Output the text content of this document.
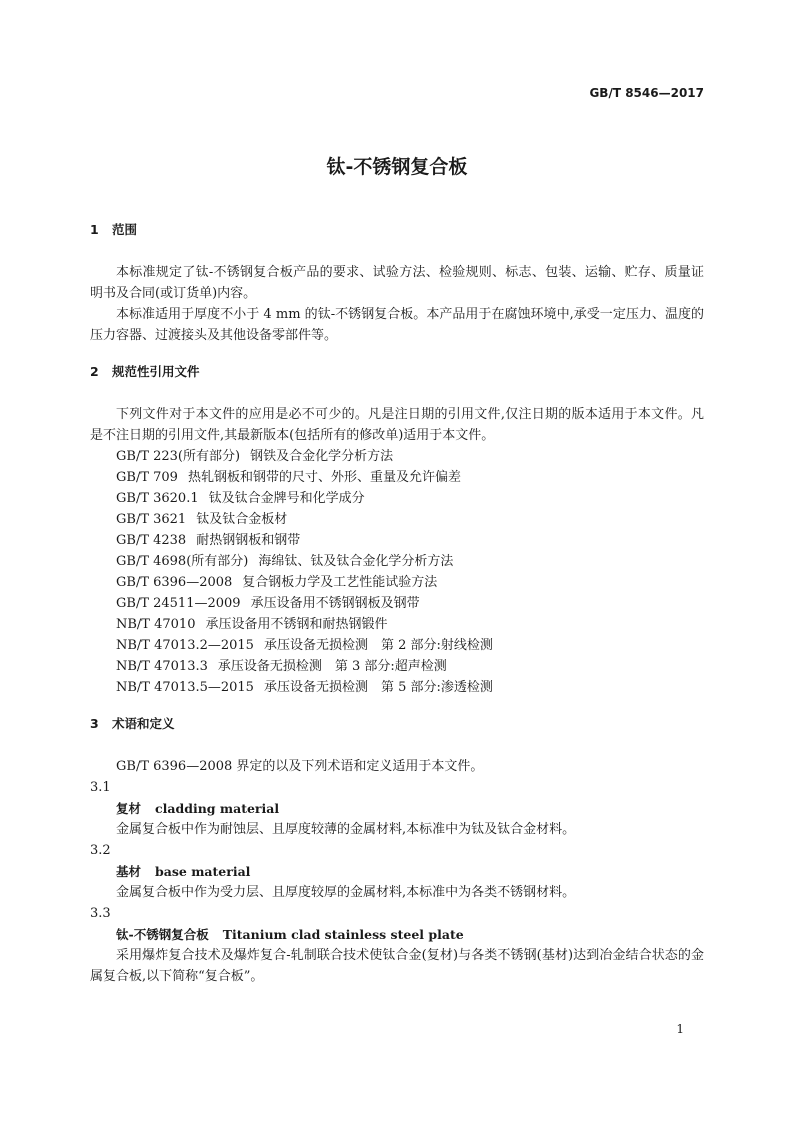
GB/T 8546—2017
钛-不锈钢复合板
1 范围

本标准规定了钛-不锈钢复合板产品的要求、试验方法、检验规则、标志、包装、运输、贮存、质量证明书及合同(或订货单)内容。

本标准适用于厚度不小于 4 mm 的钛-不锈钢复合板。本产品用于在腐蚀环境中,承受一定压力、温度的压力容器、过渡接头及其他设备零部件等。

2 规范性引用文件

下列文件对于本文件的应用是必不可少的。凡是注日期的引用文件,仅注日期的版本适用于本文件。凡是不注日期的引用文件,其最新版本(包括所有的修改单)适用于本文件。

GB/T 223(所有部分) 钢铁及合金化学分析方法
GB/T 709 热轧钢板和钢带的尺寸、外形、重量及允许偏差
GB/T 3620.1 钛及钛合金牌号和化学成分
GB/T 3621 钛及钛合金板材
GB/T 4238 耐热钢钢板和钢带
GB/T 4698(所有部分) 海绵钛、钛及钛合金化学分析方法
GB/T 6396—2008 复合钢板力学及工艺性能试验方法
GB/T 24511—2009 承压设备用不锈钢钢板及钢带
NB/T 47010 承压设备用不锈钢和耐热钢锻件
NB/T 47013.2—2015 承压设备无损检测　第 2 部分:射线检测
NB/T 47013.3 承压设备无损检测　第 3 部分:超声检测
NB/T 47013.5—2015 承压设备无损检测　第 5 部分:渗透检测
3 术语和定义

GB/T 6396—2008 界定的以及下列术语和定义适用于本文件。

3.1
复材 cladding material

金属复合板中作为耐蚀层、且厚度较薄的金属材料,本标准中为钛及钛合金材料。

3.2
基材 base material

金属复合板中作为受力层、且厚度较厚的金属材料,本标准中为各类不锈钢材料。

3.3
钛-不锈钢复合板 Titanium clad stainless steel plate

采用爆炸复合技术及爆炸复合-轧制联合技术使钛合金(复材)与各类不锈钢(基材)达到冶金结合状态的金属复合板,以下简称“复合板”。

1
